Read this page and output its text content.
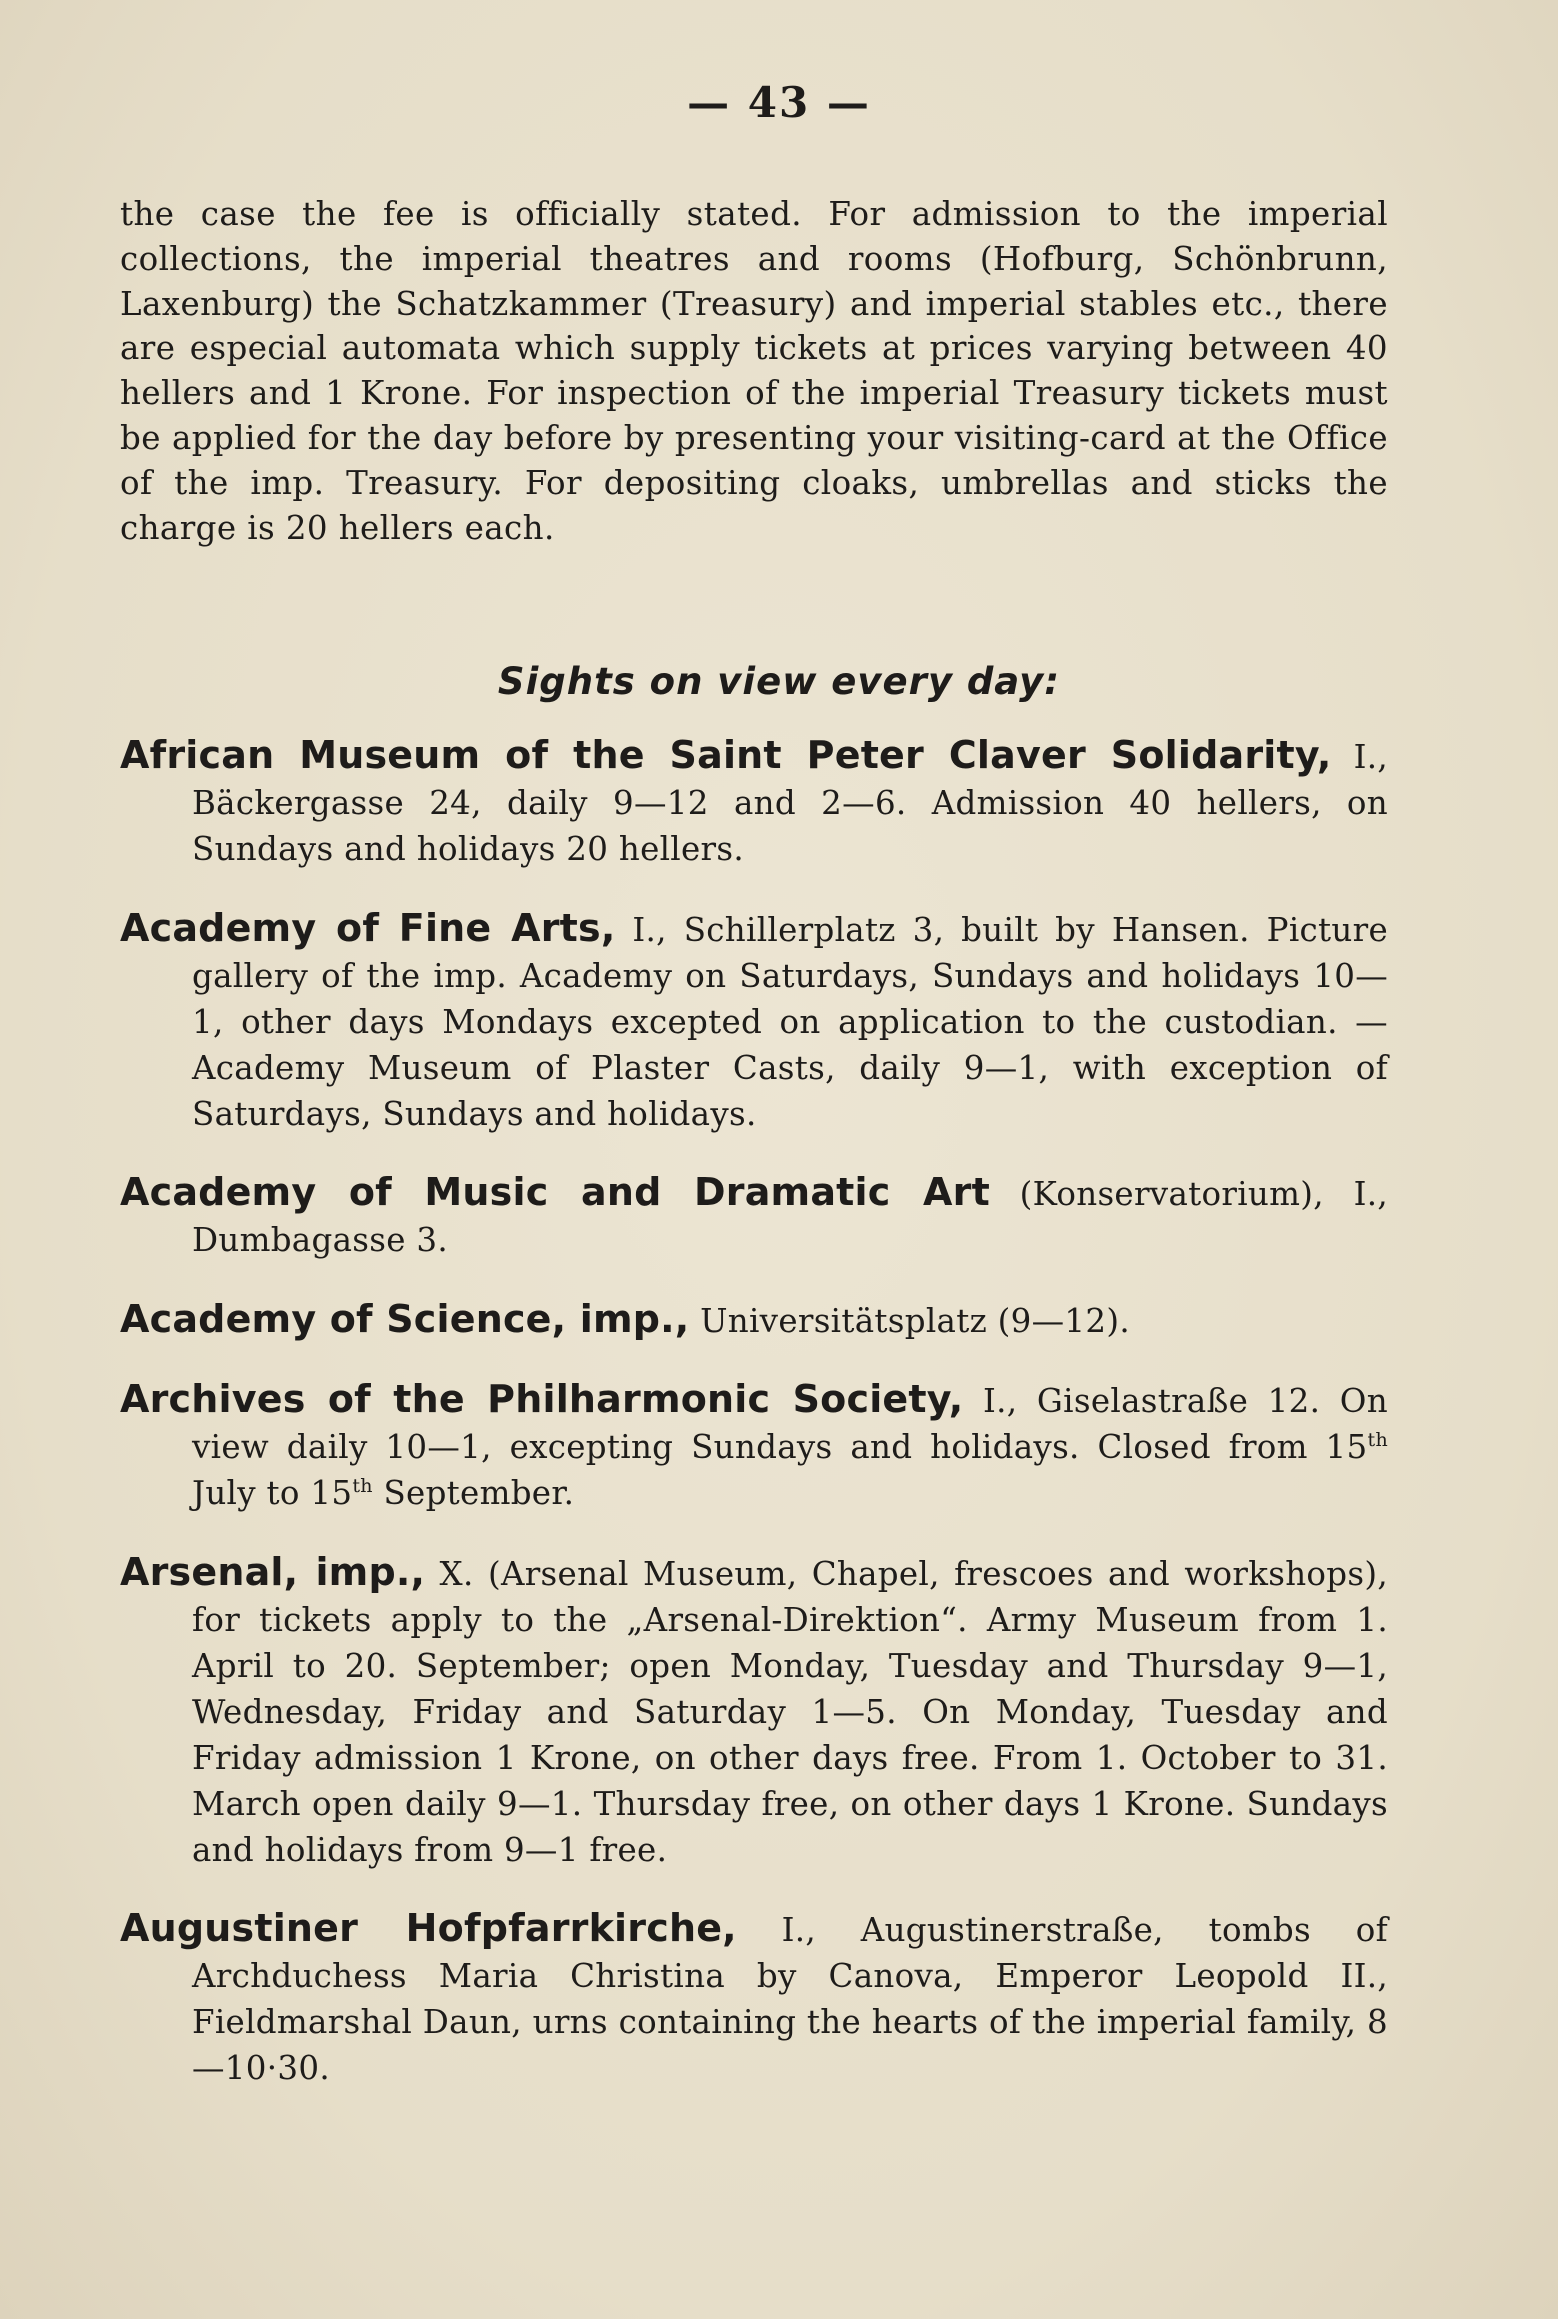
— 43 —

the case the fee is officially stated. For admission to the imperial collections, the imperial theatres and rooms (Hofburg, Schönbrunn, Laxenburg) the Schatzkammer (Treasury) and imperial stables etc., there are especial automata which supply tickets at prices varying between 40 hellers and 1 Krone. For inspection of the imperial Treasury tickets must be applied for the day before by presenting your visiting-card at the Office of the imp. Treasury. For depositing cloaks, umbrellas and sticks the charge is 20 hellers each.

Sights on view every day:

African Museum of the Saint Peter Claver Solidarity, I., Bäckergasse 24, daily 9—12 and 2—6. Admission 40 hellers, on Sundays and holidays 20 hellers.

Academy of Fine Arts, I., Schillerplatz 3, built by Hansen. Picture gallery of the imp. Academy on Saturdays, Sundays and holidays 10—1, other days Mondays excepted on application to the custodian. — Academy Museum of Plaster Casts, daily 9—1, with exception of Saturdays, Sundays and holidays.

Academy of Music and Dramatic Art (Konservatorium), I., Dumbagasse 3.

Academy of Science, imp., Universitätsplatz (9—12).

Archives of the Philharmonic Society, I., Giselastraße 12. On view daily 10—1, excepting Sundays and holidays. Closed from 15th July to 15th September.

Arsenal, imp., X. (Arsenal Museum, Chapel, frescoes and workshops), for tickets apply to the „Arsenal-Direktion“. Army Museum from 1. April to 20. September; open Monday, Tuesday and Thursday 9—1, Wednesday, Friday and Saturday 1—5. On Monday, Tuesday and Friday admission 1 Krone, on other days free. From 1. October to 31. March open daily 9—1. Thursday free, on other days 1 Krone. Sundays and holidays from 9—1 free.

Augustiner Hofpfarrkirche, I., Augustinerstraße, tombs of Archduchess Maria Christina by Canova, Emperor Leopold II., Fieldmarshal Daun, urns containing the hearts of the imperial family, 8—10·30.
